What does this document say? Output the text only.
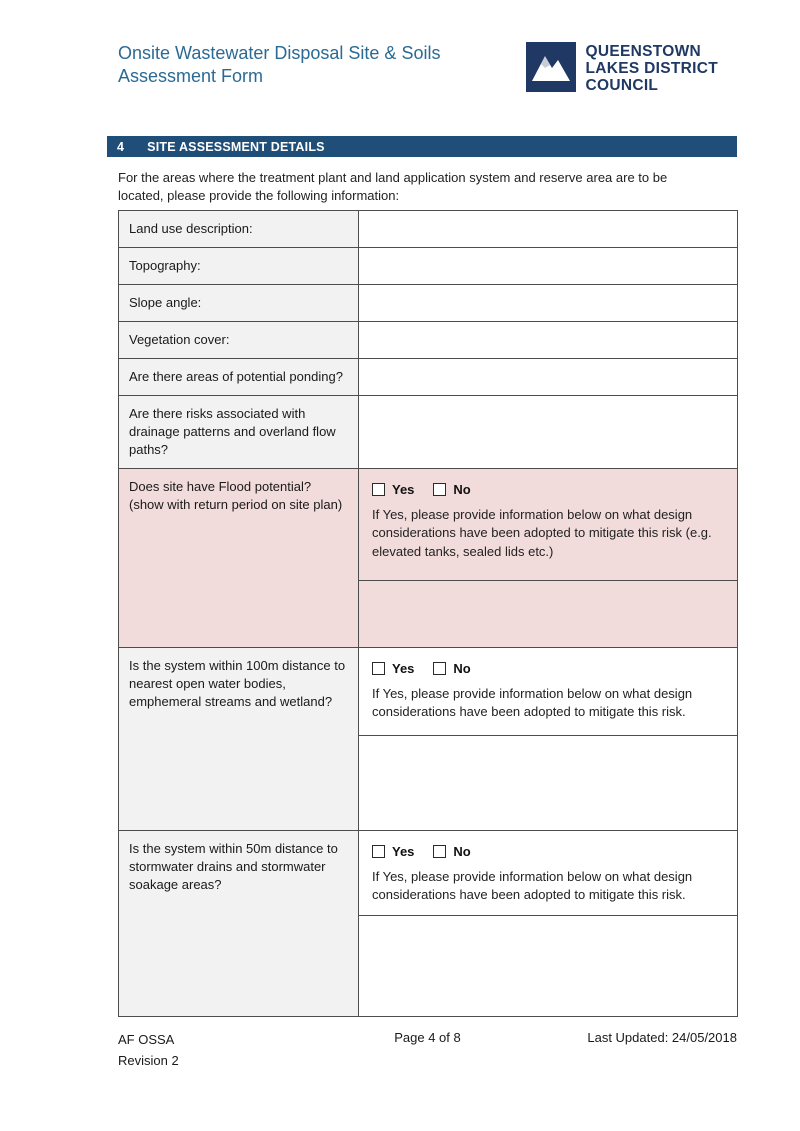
Onsite Wastewater Disposal Site & Soils
Assessment Form
QUEENSTOWN
LAKES DISTRICT
COUNCIL
4 SITE ASSESSMENT DETAILS
For the areas where the treatment plant and land application system and reserve area are to be located, please provide the following information:
Land use description:
Topography:
Slope angle:
Vegetation cover:
Are there areas of potential ponding?
Are there risks associated with drainage patterns and overland flow paths?
Does site have Flood potential? (show with return period on site plan)
Yes	No
If Yes, please provide information below on what design considerations have been adopted to mitigate this risk (e.g. elevated tanks, sealed lids etc.)
Is the system within 100m distance to nearest open water bodies, emphemeral streams and wetland?
Yes	No
If Yes, please provide information below on what design considerations have been adopted to mitigate this risk.
Is the system within 50m distance to stormwater drains and stormwater soakage areas?
Yes	No
If Yes, please provide information below on what design considerations have been adopted to mitigate this risk.
AF OSSA
Revision 2
Page 4 of 8	Last Updated: 24/05/2018
